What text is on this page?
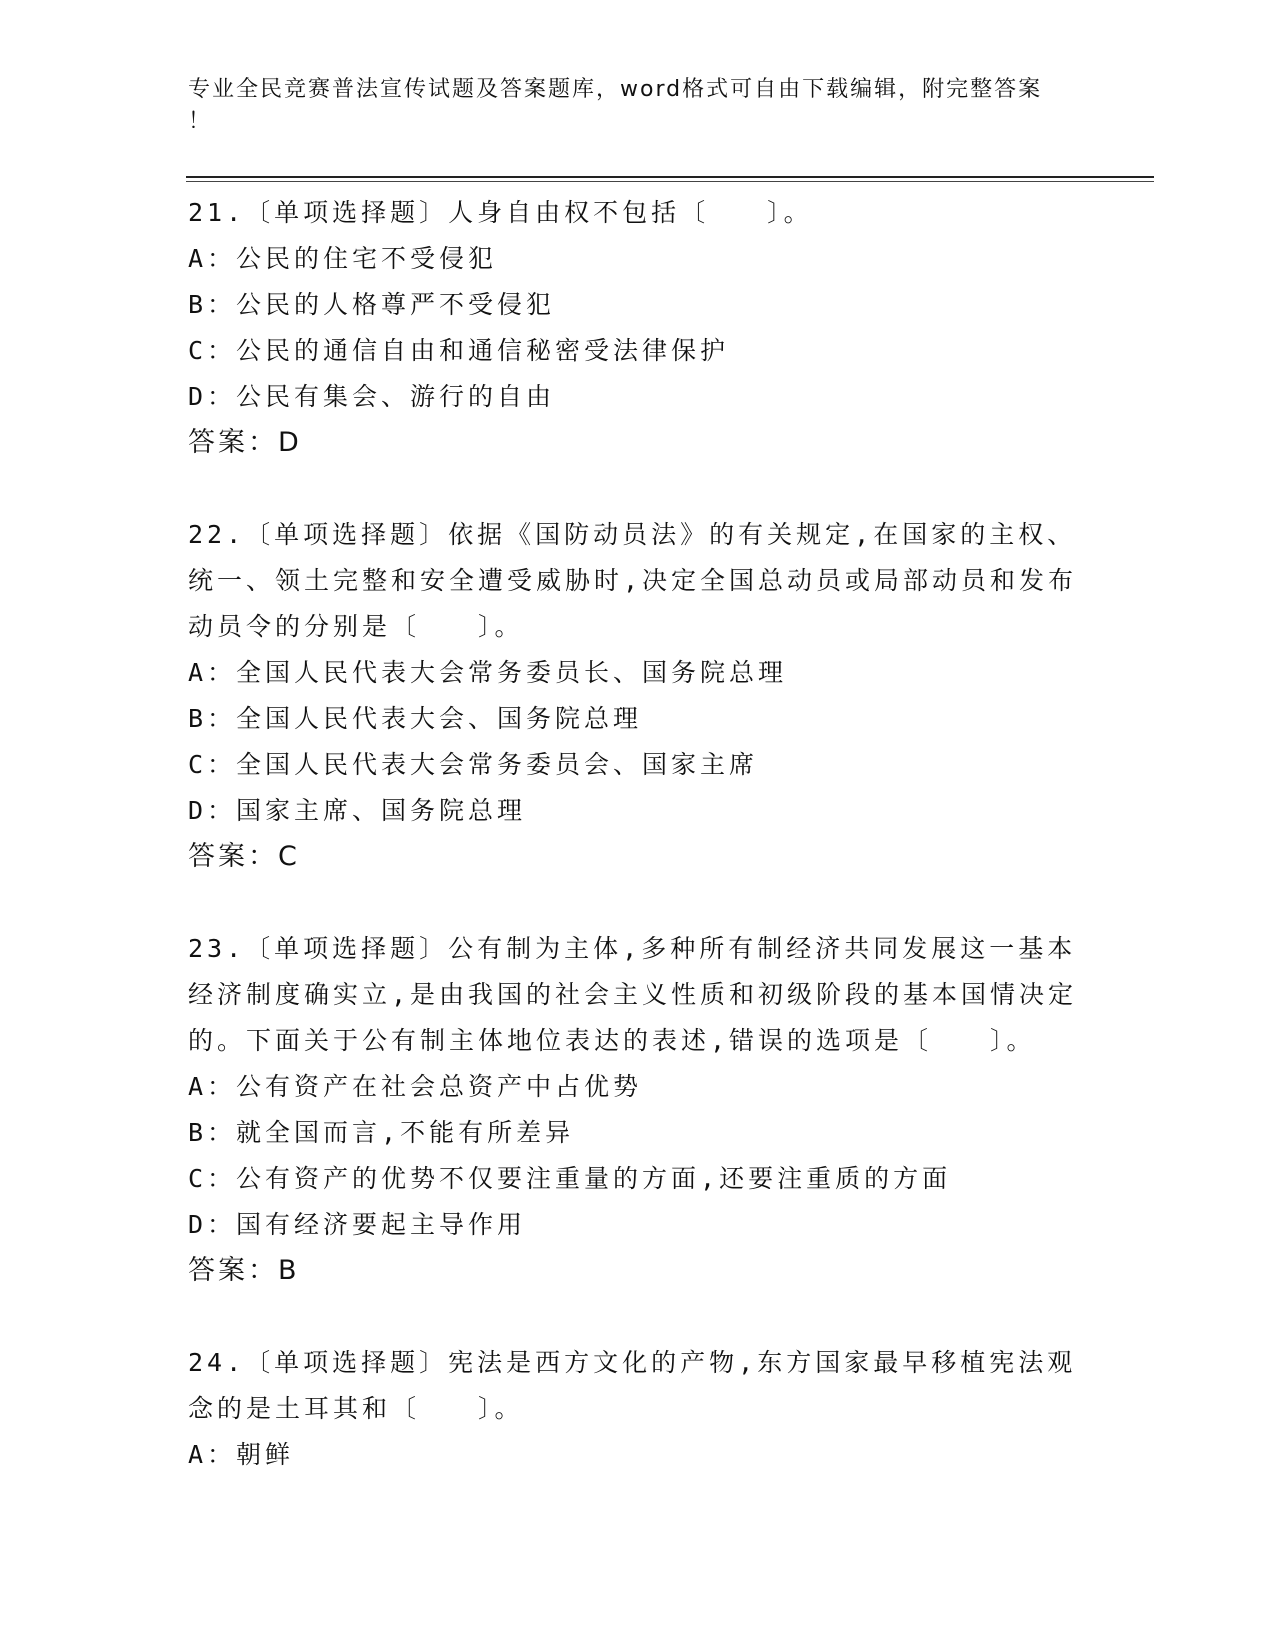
专业全民竞赛普法宣传试题及答案题库，word格式可自由下载编辑，附完整答案
！
21.〔单项选择题〕人身自由权不包括〔　　〕。
A：公民的住宅不受侵犯
B：公民的人格尊严不受侵犯
C：公民的通信自由和通信秘密受法律保护
D：公民有集会、游行的自由
答案：D
22.〔单项选择题〕依据《国防动员法》的有关规定,在国家的主权、
统一、领土完整和安全遭受威胁时,决定全国总动员或局部动员和发布
动员令的分别是〔　　〕。
A：全国人民代表大会常务委员长、国务院总理
B：全国人民代表大会、国务院总理
C：全国人民代表大会常务委员会、国家主席
D：国家主席、国务院总理
答案：C
23.〔单项选择题〕公有制为主体,多种所有制经济共同发展这一基本
经济制度确实立,是由我国的社会主义性质和初级阶段的基本国情决定
的。下面关于公有制主体地位表达的表述,错误的选项是〔　　〕。
A：公有资产在社会总资产中占优势
B：就全国而言,不能有所差异
C：公有资产的优势不仅要注重量的方面,还要注重质的方面
D：国有经济要起主导作用
答案：B
24.〔单项选择题〕宪法是西方文化的产物,东方国家最早移植宪法观
念的是土耳其和〔　　〕。
A：朝鲜
